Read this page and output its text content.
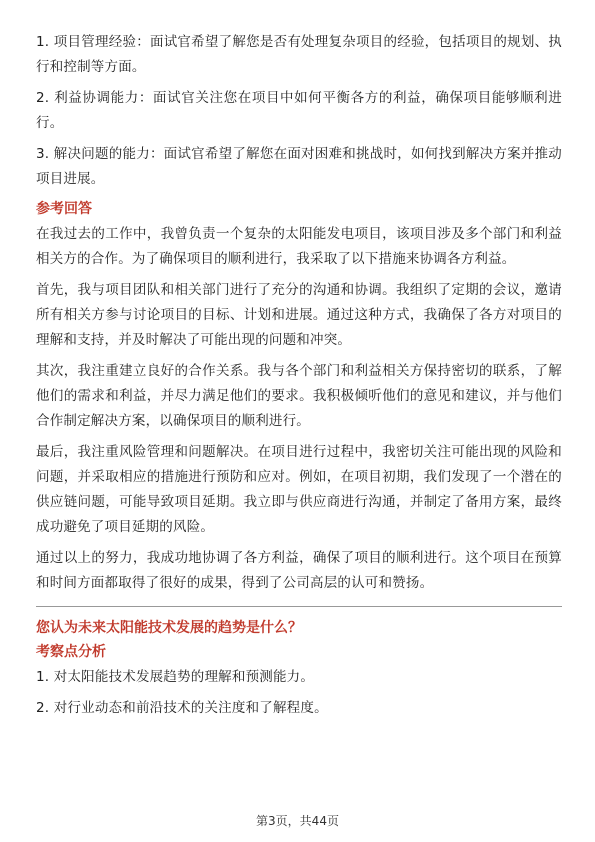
1. 项目管理经验：面试官希望了解您是否有处理复杂项目的经验，包括项目的规划、执行和控制等方面。

2. 利益协调能力：面试官关注您在项目中如何平衡各方的利益，确保项目能够顺利进行。

3. 解决问题的能力：面试官希望了解您在面对困难和挑战时，如何找到解决方案并推动项目进展。

参考回答

在我过去的工作中，我曾负责一个复杂的太阳能发电项目，该项目涉及多个部门和利益相关方的合作。为了确保项目的顺利进行，我采取了以下措施来协调各方利益。

首先，我与项目团队和相关部门进行了充分的沟通和协调。我组织了定期的会议，邀请所有相关方参与讨论项目的目标、计划和进展。通过这种方式，我确保了各方对项目的理解和支持，并及时解决了可能出现的问题和冲突。

其次，我注重建立良好的合作关系。我与各个部门和利益相关方保持密切的联系，了解他们的需求和利益，并尽力满足他们的要求。我积极倾听他们的意见和建议，并与他们合作制定解决方案，以确保项目的顺利进行。

最后，我注重风险管理和问题解决。在项目进行过程中，我密切关注可能出现的风险和问题，并采取相应的措施进行预防和应对。例如，在项目初期，我们发现了一个潜在的供应链问题，可能导致项目延期。我立即与供应商进行沟通，并制定了备用方案，最终成功避免了项目延期的风险。

通过以上的努力，我成功地协调了各方利益，确保了项目的顺利进行。这个项目在预算和时间方面都取得了很好的成果，得到了公司高层的认可和赞扬。

您认为未来太阳能技术发展的趋势是什么？
考察点分析

1. 对太阳能技术发展趋势的理解和预测能力。

2. 对行业动态和前沿技术的关注度和了解程度。

第3页，共44页
